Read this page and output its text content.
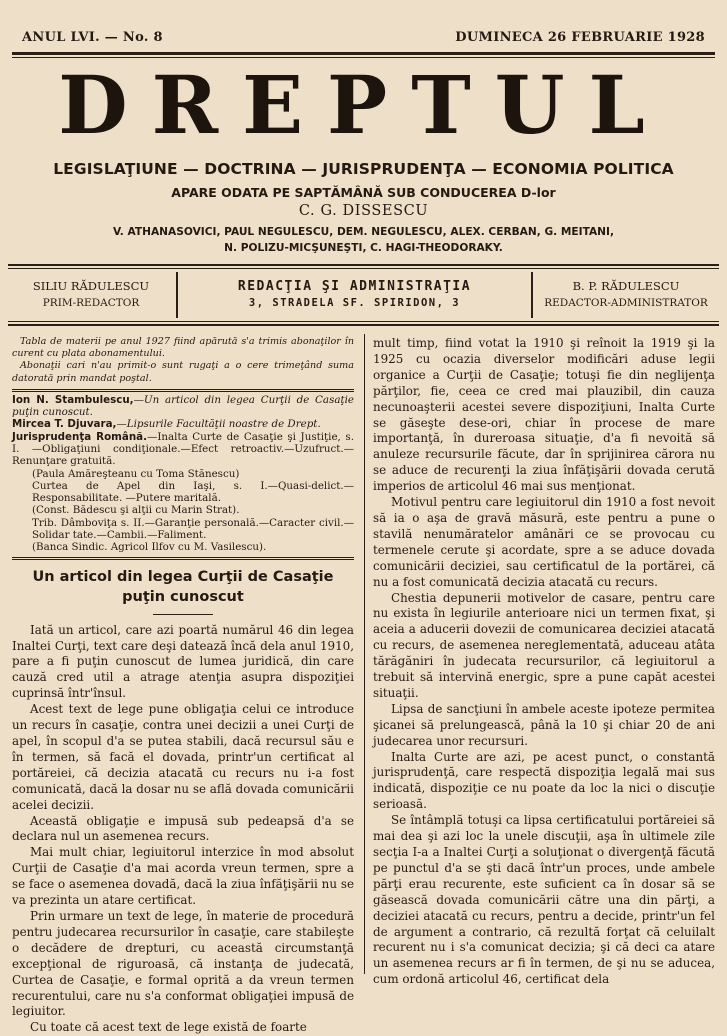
ANUL LVI. — No. 8	DUMINECA 26 FEBRUARIE 1928
DREPTUL
LEGISLAŢIUNE — DOCTRINA — JURISPRUDENŢA — ECONOMIA POLITICA
APARE ODATA PE SAPTĂMÂNĂ SUB CONDUCEREA D-lor
C. G. DISSESCU
V. ATHANASOVICI, PAUL NEGULESCU, DEM. NEGULESCU, ALEX. CERBAN, G. MEITANI,
N. POLIZU-MICŞUNEŞTI, C. HAGI-THEODORAKY.
SILIU RĂDULESCU
PRIM-REDACTOR
REDACŢIA ŞI ADMINISTRAŢIA
3, STRADELA SF. SPIRIDON, 3
B. P. RĂDULESCU
REDACTOR-ADMINISTRATOR
Tabla de materii pe anul 1927 fiind apărută s'a trimis abonaţilor în curent cu plata abonamentului.
Abonaţii cari n'au primit-o sunt rugaţi a o cere trimeţând suma datorată prin mandat poştal.
Ion N. Stambulescu,—Un articol din legea Curţii de Casaţie puţin cunoscut.
Mircea T. Djuvara,—Lipsurile Facultăţii noastre de Drept.
Jurisprudenţa Română.—Inalta Curte de Casaţie şi Justiţie, s. I. —Obligaţiuni condiţionale.—Efect retroactiv.—Uzufruct.—Renunţare gratuită.
(Paula Amăreşteanu cu Toma Stănescu)
Curtea de Apel din Iaşi, s. I.—Quasi-delict.—Responsabilitate. —Putere maritală.
(Const. Bădescu şi alţii cu Marin Strat).
Trib. Dâmboviţa s. II.—Garanţie personală.—Caracter civil.— Solidar tate.—Cambii.—Faliment.
(Banca Sindic. Agricol Ilfov cu M. Vasilescu).
Un articol din legea Curţii de Casaţie puţin cunoscut

Iată un articol, care azi poartă numărul 46 din legea Inaltei Curţi, text care deşi datează încă dela anul 1910, pare a fi puţin cunoscut de lumea juridică, din care cauză cred util a atrage atenţia asupra dispoziţiei cuprinsă într'însul.

Acest text de lege pune obligaţia celui ce introduce un recurs în casaţie, contra unei decizii a unei Curţi de apel, în scopul d'a se putea stabili, dacă recursul său e în termen, să facă el dovada, printr'un certificat al portăreiei, că decizia atacată cu recurs nu i-a fost comunicată, dacă la dosar nu se află dovada comunicării acelei decizii.

Această obligaţie e impusă sub pedeapsă d'a se declara nul un asemenea recurs.

Mai mult chiar, legiuitorul interzice în mod absolut Curţii de Casaţie d'a mai acorda vreun termen, spre a se face o asemenea dovadă, dacă la ziua înfăţişării nu se va prezinta un atare certificat.

Prin urmare un text de lege, în materie de procedură pentru judecarea recursurilor în casaţie, care stabileşte o decădere de drepturi, cu această circumstanţă excepţional de riguroasă, că instanţa de judecată, Curtea de Casaţie, e formal oprită a da vreun termen recurentului, care nu s'a conformat obligaţiei impusă de legiuitor.

Cu toate că acest text de lege există de foarte

mult timp, fiind votat la 1910 şi reînoit la 1919 şi la 1925 cu ocazia diverselor modificări aduse legii organice a Curţii de Casaţie; totuşi fie din neglijenţa părţilor, fie, ceea ce cred mai plauzibil, din cauza necunoaşterii acestei severe dispoziţiuni, Inalta Curte se găseşte dese-ori, chiar în procese de mare importanţă, în dureroasa situaţie, d'a fi nevoită să anuleze recursurile făcute, dar în sprijinirea cărora nu se aduce de recurenţi la ziua înfăţişării dovada cerută imperios de articolul 46 mai sus menţionat.

Motivul pentru care legiuitorul din 1910 a fost nevoit să ia o aşa de gravă măsură, este pentru a pune o stavilă nenumăratelor amânări ce se provocau cu termenele cerute şi acordate, spre a se aduce dovada comunicării deciziei, sau certificatul de la portărei, că nu a fost comunicată decizia atacată cu recurs.

Chestia depunerii motivelor de casare, pentru care nu exista în legiurile anterioare nici un termen fixat, şi aceia a aducerii dovezii de comunicarea deciziei atacată cu recurs, de asemenea nereglementată, aduceau atâta tărăgăniri în judecata recursurilor, că legiuitorul a trebuit să intervină energic, spre a pune capăt acestei situaţii.

Lipsa de sancţiuni în ambele aceste ipoteze permitea şicanei să prelungească, până la 10 şi chiar 20 de ani judecarea unor recursuri.

Inalta Curte are azi, pe acest punct, o constantă jurisprudenţă, care respectă dispoziţia legală mai sus indicată, dispoziţie ce nu poate da loc la nici o discuţie serioasă.

Se întâmplă totuşi ca lipsa certificatului portăreiei să mai dea şi azi loc la unele discuţii, aşa în ultimele zile secţia I-a a Inaltei Curţi a soluţionat o divergenţă făcută pe punctul d'a se şti dacă într'un proces, unde ambele părţi erau recurente, este suficient ca în dosar să se găsească dovada comunicării către una din părţi, a deciziei atacată cu recurs, pentru a decide, printr'un fel de argument a contrario, că rezultă forţat că celuilalt recurent nu i s'a comunicat decizia; şi că deci ca atare un asemenea recurs ar fi în termen, de şi nu se aducea, cum ordonă articolul 46, certificat dela
